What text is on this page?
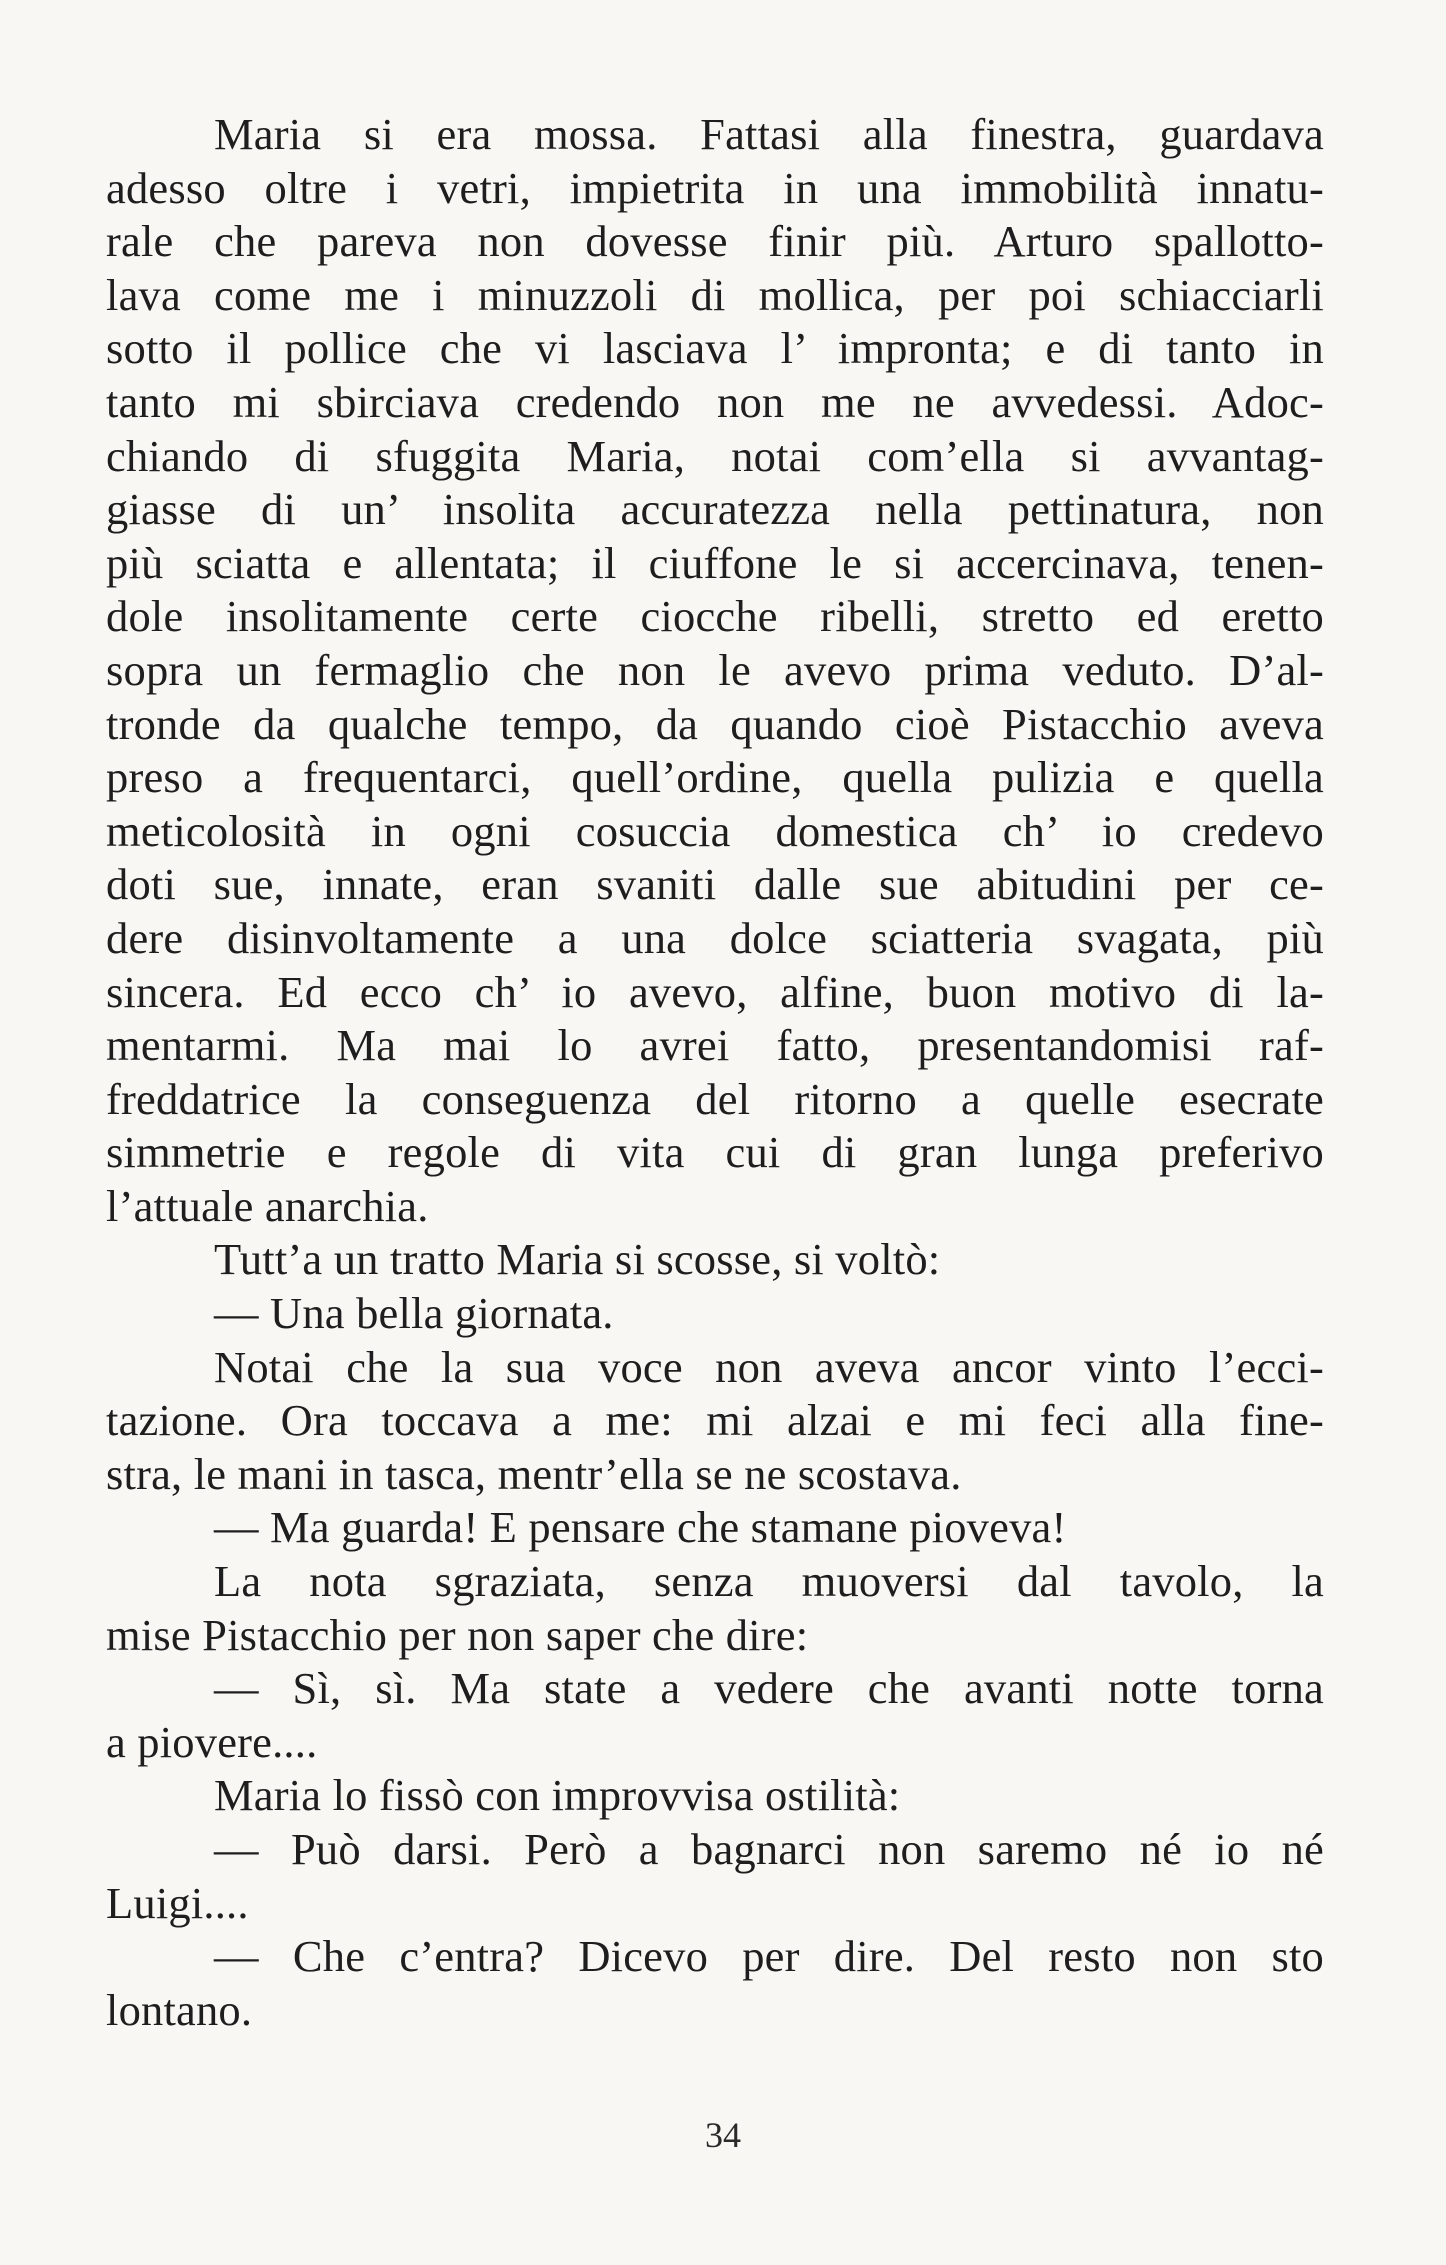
Maria si era mossa. Fattasi alla finestra, guardava
adesso oltre i vetri, impietrita in una immobilità innatu-
rale che pareva non dovesse finir più. Arturo spallotto-
lava come me i minuzzoli di mollica, per poi schiacciarli
sotto il pollice che vi lasciava l’ impronta; e di tanto in
tanto mi sbirciava credendo non me ne avvedessi. Adoc-
chiando di sfuggita Maria, notai com’ella si avvantag-
giasse di un’ insolita accuratezza nella pettinatura, non
più sciatta e allentata; il ciuffone le si accercinava, tenen-
dole insolitamente certe ciocche ribelli, stretto ed eretto
sopra un fermaglio che non le avevo prima veduto. D’al-
tronde da qualche tempo, da quando cioè Pistacchio aveva
preso a frequentarci, quell’ordine, quella pulizia e quella
meticolosità in ogni cosuccia domestica ch’ io credevo
doti sue, innate, eran svaniti dalle sue abitudini per ce-
dere disinvoltamente a una dolce sciatteria svagata, più
sincera. Ed ecco ch’ io avevo, alfine, buon motivo di la-
mentarmi. Ma mai lo avrei fatto, presentandomisi raf-
freddatrice la conseguenza del ritorno a quelle esecrate
simmetrie e regole di vita cui di gran lunga preferivo
l’attuale anarchia.
Tutt’a un tratto Maria si scosse, si voltò:
— Una bella giornata.
Notai che la sua voce non aveva ancor vinto l’ecci-
tazione. Ora toccava a me: mi alzai e mi feci alla fine-
stra, le mani in tasca, mentr’ella se ne scostava.
— Ma guarda! E pensare che stamane pioveva!
La nota sgraziata, senza muoversi dal tavolo, la
mise Pistacchio per non saper che dire:
— Sì, sì. Ma state a vedere che avanti notte torna
a piovere....
Maria lo fissò con improvvisa ostilità:
— Può darsi. Però a bagnarci non saremo né io né
Luigi....
— Che c’entra? Dicevo per dire. Del resto non sto
lontano.
34
